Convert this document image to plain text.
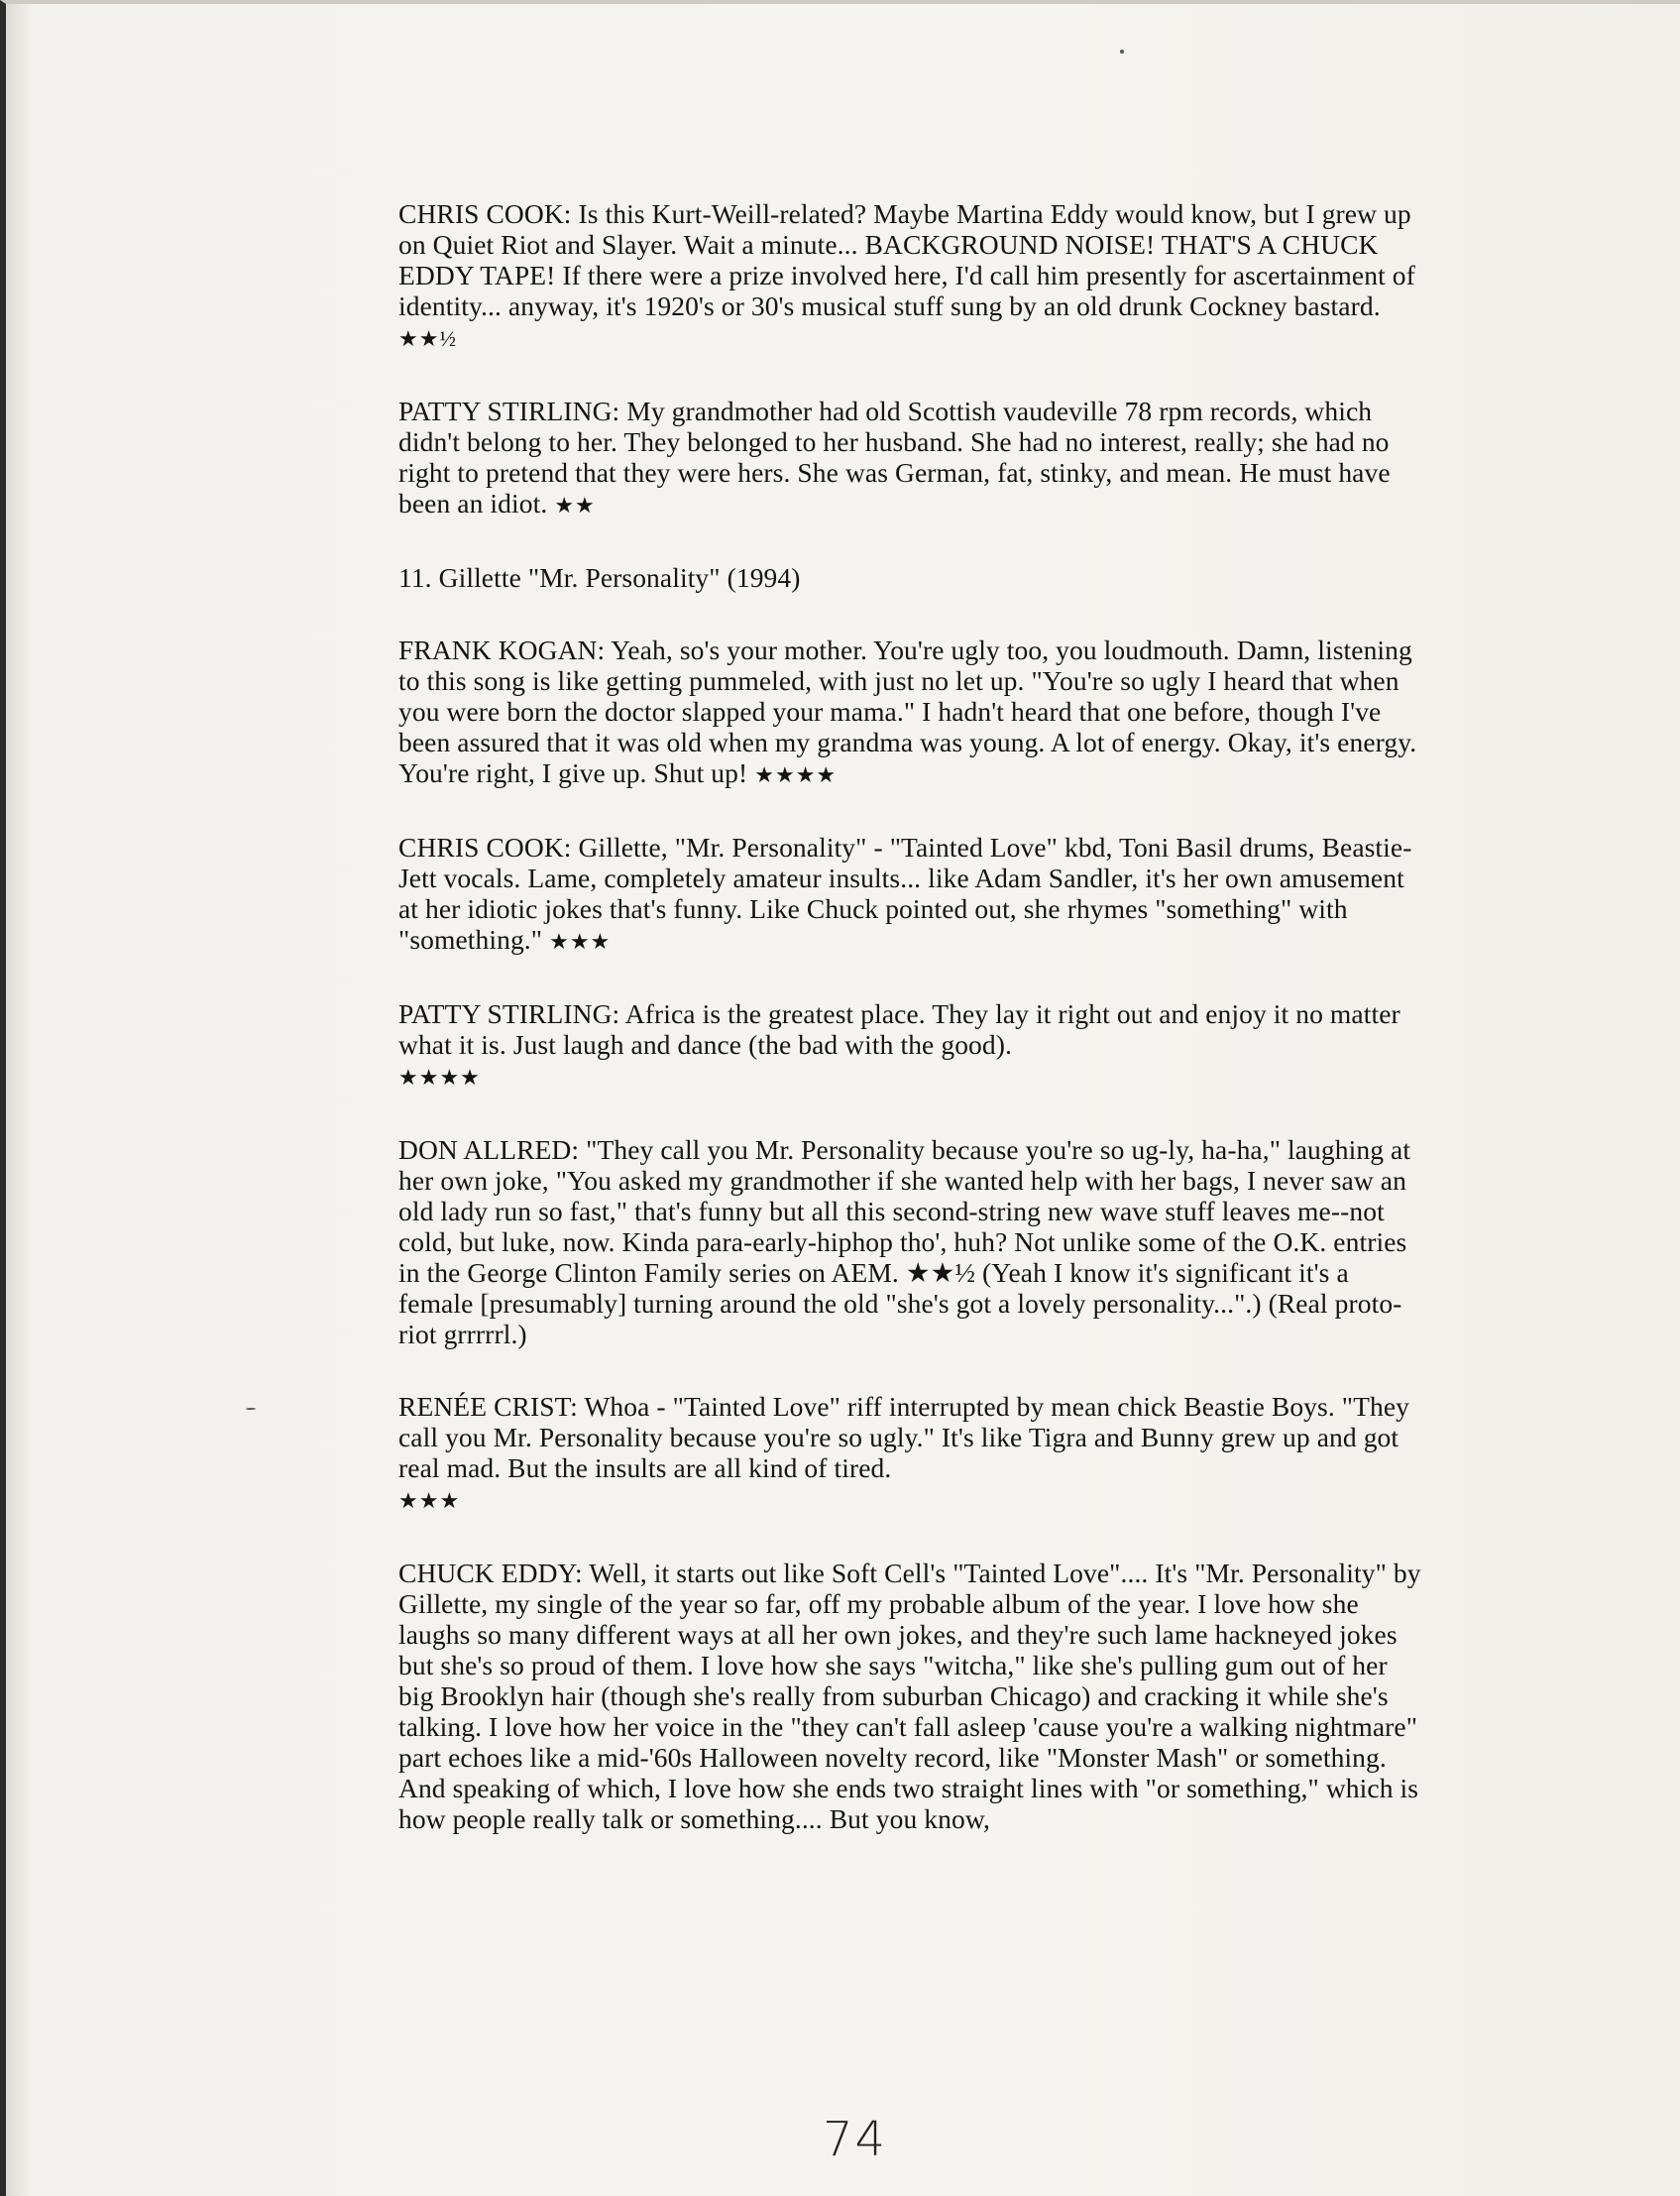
CHRIS COOK: Is this Kurt-Weill-related? Maybe Martina Eddy would know, but I grew up on Quiet Riot and Slayer. Wait a minute... BACKGROUND NOISE! THAT'S A CHUCK EDDY TAPE! If there were a prize involved here, I'd call him presently for ascertainment of identity... anyway, it's 1920's or 30's musical stuff sung by an old drunk Cockney bastard. ★★½

PATTY STIRLING: My grandmother had old Scottish vaudeville 78 rpm records, which didn't belong to her. They belonged to her husband. She had no interest, really; she had no right to pretend that they were hers. She was German, fat, stinky, and mean. He must have been an idiot. ★★

11. Gillette "Mr. Personality" (1994)

FRANK KOGAN: Yeah, so's your mother. You're ugly too, you loudmouth. Damn, listening to this song is like getting pummeled, with just no let up. "You're so ugly I heard that when you were born the doctor slapped your mama." I hadn't heard that one before, though I've been assured that it was old when my grandma was young. A lot of energy. Okay, it's energy. You're right, I give up. Shut up! ★★★★

CHRIS COOK: Gillette, "Mr. Personality" - "Tainted Love" kbd, Toni Basil drums, Beastie-Jett vocals. Lame, completely amateur insults... like Adam Sandler, it's her own amusement at her idiotic jokes that's funny. Like Chuck pointed out, she rhymes "something" with "something." ★★★

PATTY STIRLING: Africa is the greatest place. They lay it right out and enjoy it no matter what it is. Just laugh and dance (the bad with the good).

★★★★

DON ALLRED: "They call you Mr. Personality because you're so ug-ly, ha-ha," laughing at her own joke, "You asked my grandmother if she wanted help with her bags, I never saw an old lady run so fast," that's funny but all this second-string new wave stuff leaves me--not cold, but luke, now. Kinda para-early-hiphop tho', huh? Not unlike some of the O.K. entries in the George Clinton Family series on AEM. ★★½ (Yeah I know it's significant it's a female [presumably] turning around the old "she's got a lovely personality...".) (Real proto-riot grrrrrl.)

RENÉE CRIST: Whoa - "Tainted Love" riff interrupted by mean chick Beastie Boys. "They call you Mr. Personality because you're so ugly." It's like Tigra and Bunny grew up and got real mad. But the insults are all kind of tired.

★★★

CHUCK EDDY: Well, it starts out like Soft Cell's "Tainted Love".... It's "Mr. Personality" by Gillette, my single of the year so far, off my probable album of the year. I love how she laughs so many different ways at all her own jokes, and they're such lame hackneyed jokes but she's so proud of them. I love how she says "witcha," like she's pulling gum out of her big Brooklyn hair (though she's really from suburban Chicago) and cracking it while she's talking. I love how her voice in the "they can't fall asleep 'cause you're a walking nightmare" part echoes like a mid-'60s Halloween novelty record, like "Monster Mash" or something. And speaking of which, I love how she ends two straight lines with "or something," which is how people really talk or something.... But you know,

74
